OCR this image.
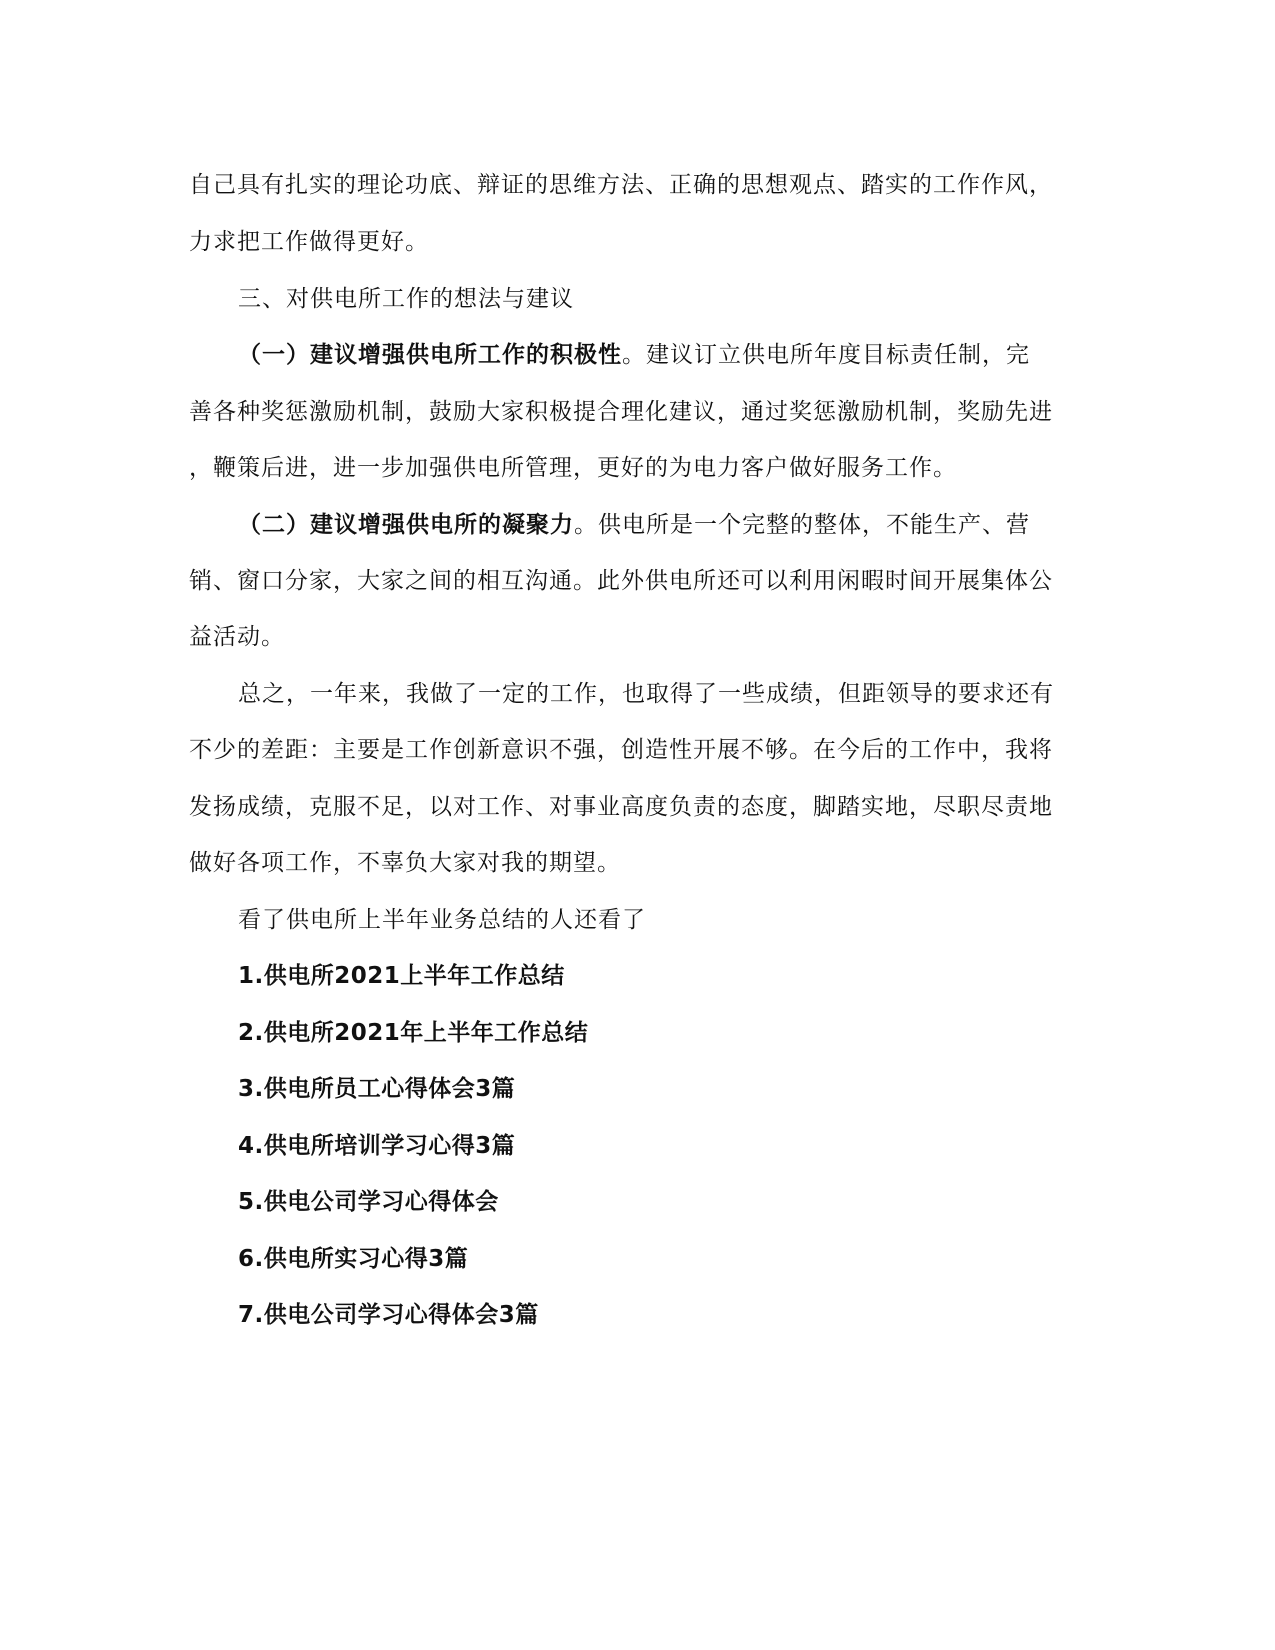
自己具有扎实的理论功底、辩证的思维方法、正确的思想观点、踏实的工作作风，
力求把工作做得更好。
三、对供电所工作的想法与建议
（一）建议增强供电所工作的积极性。建议订立供电所年度目标责任制，完
善各种奖惩激励机制，鼓励大家积极提合理化建议，通过奖惩激励机制，奖励先进
，鞭策后进，进一步加强供电所管理，更好的为电力客户做好服务工作。
（二）建议增强供电所的凝聚力。供电所是一个完整的整体，不能生产、营
销、窗口分家，大家之间的相互沟通。此外供电所还可以利用闲暇时间开展集体公
益活动。
总之，一年来，我做了一定的工作，也取得了一些成绩，但距领导的要求还有
不少的差距：主要是工作创新意识不强，创造性开展不够。在今后的工作中，我将
发扬成绩，克服不足，以对工作、对事业高度负责的态度，脚踏实地，尽职尽责地
做好各项工作，不辜负大家对我的期望。
看了供电所上半年业务总结的人还看了
1.供电所2021上半年工作总结
2.供电所2021年上半年工作总结
3.供电所员工心得体会3篇
4.供电所培训学习心得3篇
5.供电公司学习心得体会
6.供电所实习心得3篇
7.供电公司学习心得体会3篇
